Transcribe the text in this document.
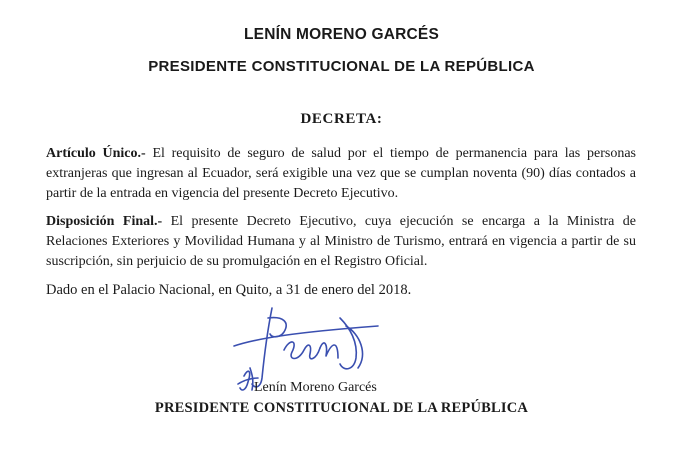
LENÍN MORENO GARCÉS
PRESIDENTE CONSTITUCIONAL DE LA REPÚBLICA
DECRETA:
Artículo Único.- El requisito de seguro de salud por el tiempo de permanencia para las personas extranjeras que ingresan al Ecuador, será exigible una vez que se cumplan noventa (90) días contados a partir de la entrada en vigencia del presente Decreto Ejecutivo.
Disposición Final.- El presente Decreto Ejecutivo, cuya ejecución se encarga a la Ministra de Relaciones Exteriores y Movilidad Humana y al Ministro de Turismo, entrará en vigencia a partir de su suscripción, sin perjuicio de su promulgación en el Registro Oficial.
Dado en el Palacio Nacional, en Quito, a 31 de enero del 2018.
Lenín Moreno Garcés
PRESIDENTE CONSTITUCIONAL DE LA REPÚBLICA
